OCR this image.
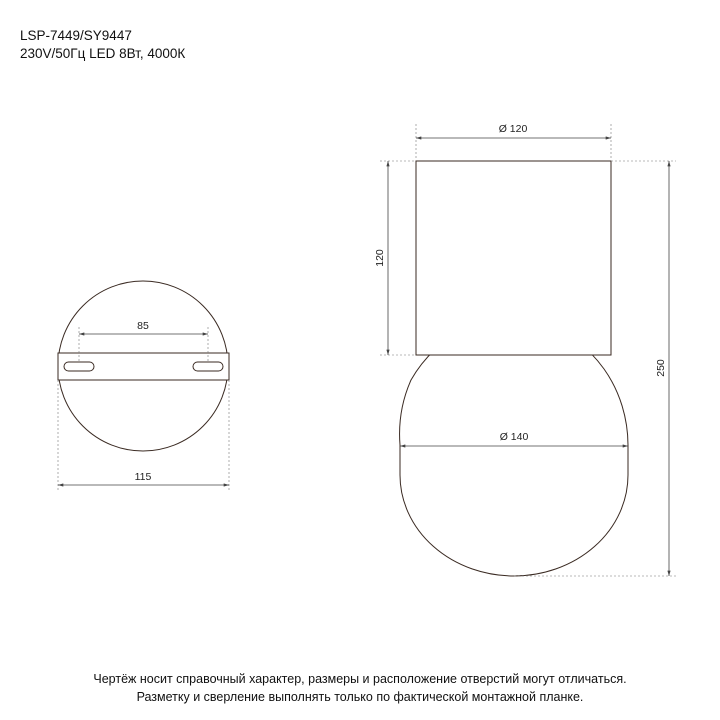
LSP-7449/SY9447
230V/50Гц LED 8Вт, 4000К
85
115
Ø 120
120
250
Ø 140
Чертёж носит справочный характер, размеры и расположение отверстий могут отличаться.
Разметку и сверление выполнять только по фактической монтажной планке.
